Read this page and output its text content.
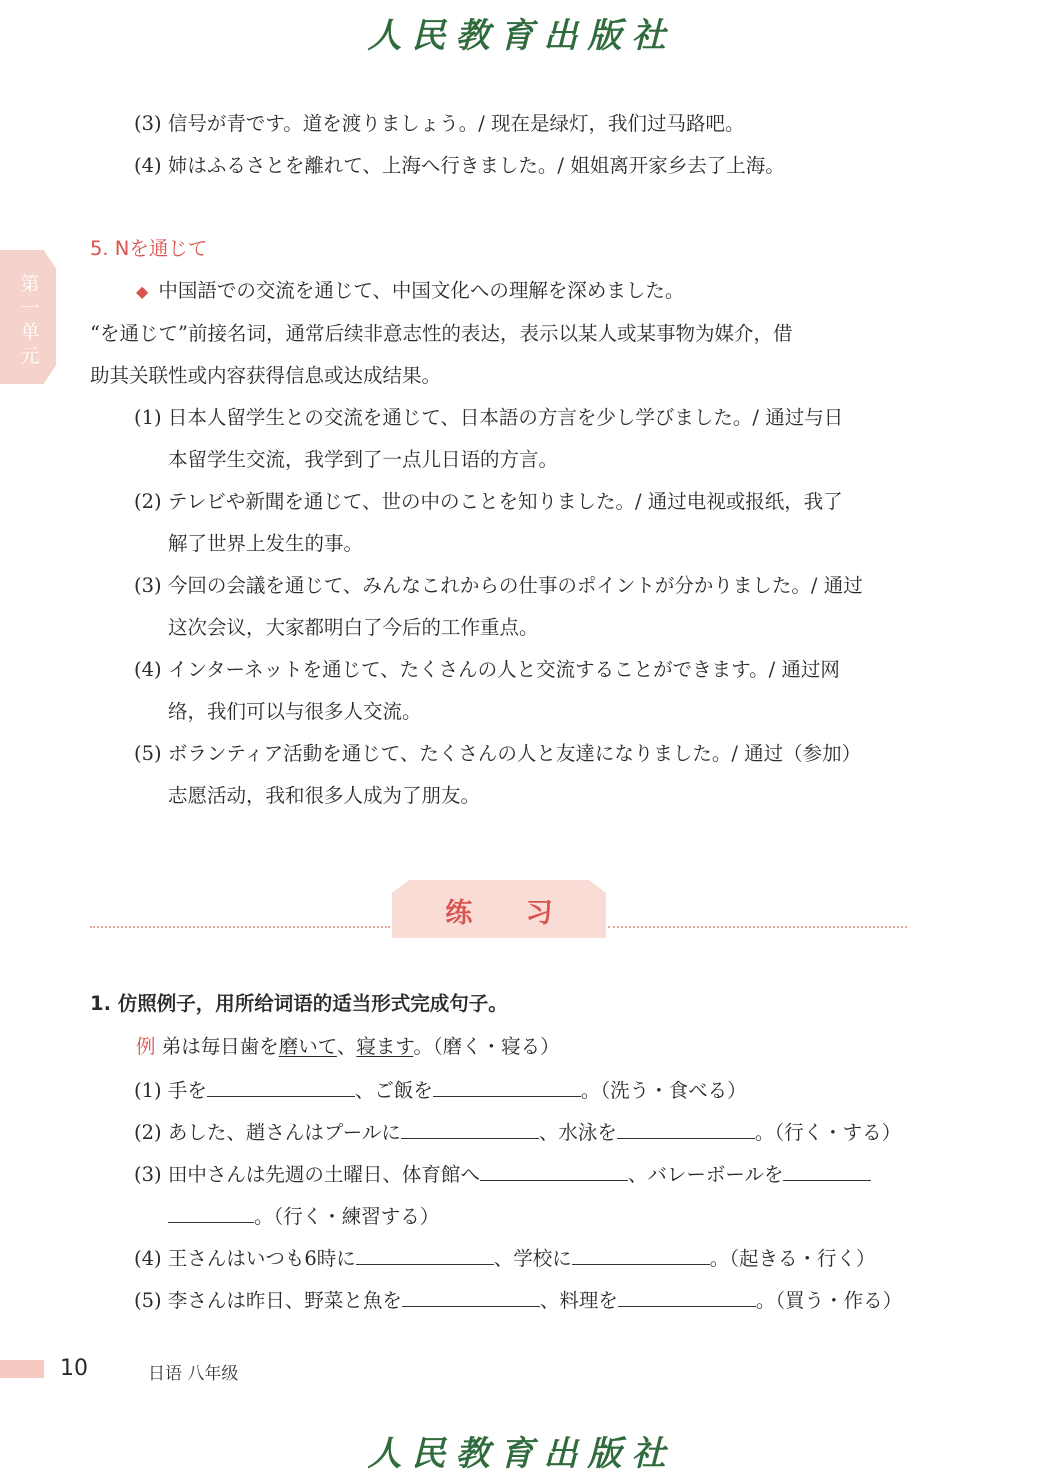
人民教育出版社
第
一
单
元
(3) 信号が青です。道を渡りましょう。/ 现在是绿灯，我们过马路吧。
(4) 姉はふるさとを離れて、上海へ行きました。/ 姐姐离开家乡去了上海。
5. Nを通じて
◆ 中国語での交流を通じて、中国文化への理解を深めました。
“を通じて”前接名词，通常后续非意志性的表达，表示以某人或某事物为媒介，借
助其关联性或内容获得信息或达成结果。
(1) 日本人留学生との交流を通じて、日本語の方言を少し学びました。/ 通过与日
本留学生交流，我学到了一点儿日语的方言。
(2) テレビや新聞を通じて、世の中のことを知りました。/ 通过电视或报纸，我了
解了世界上发生的事。
(3) 今回の会議を通じて、みんなこれからの仕事のポイントが分かりました。/ 通过
这次会议，大家都明白了今后的工作重点。
(4) インターネットを通じて、たくさんの人と交流することができます。/ 通过网
络，我们可以与很多人交流。
(5) ボランティア活動を通じて、たくさんの人と友達になりました。/ 通过（参加）
志愿活动，我和很多人成为了朋友。
练 习
1. 仿照例子，用所给词语的适当形式完成句子。
例 弟は毎日歯を磨いて、寝ます。（磨く・寝る）
(1) 手を	、ご飯を	。（洗う・食べる）
(2) あした、趙さんはプールに	、水泳を	。（行く・する）
(3) 田中さんは先週の土曜日、体育館へ	、バレーボールを
。（行く・練習する）
(4) 王さんはいつも6時に	、学校に	。（起きる・行く）
(5) 李さんは昨日、野菜と魚を	、料理を	。（買う・作る）
10	日语 八年级
人民教育出版社
